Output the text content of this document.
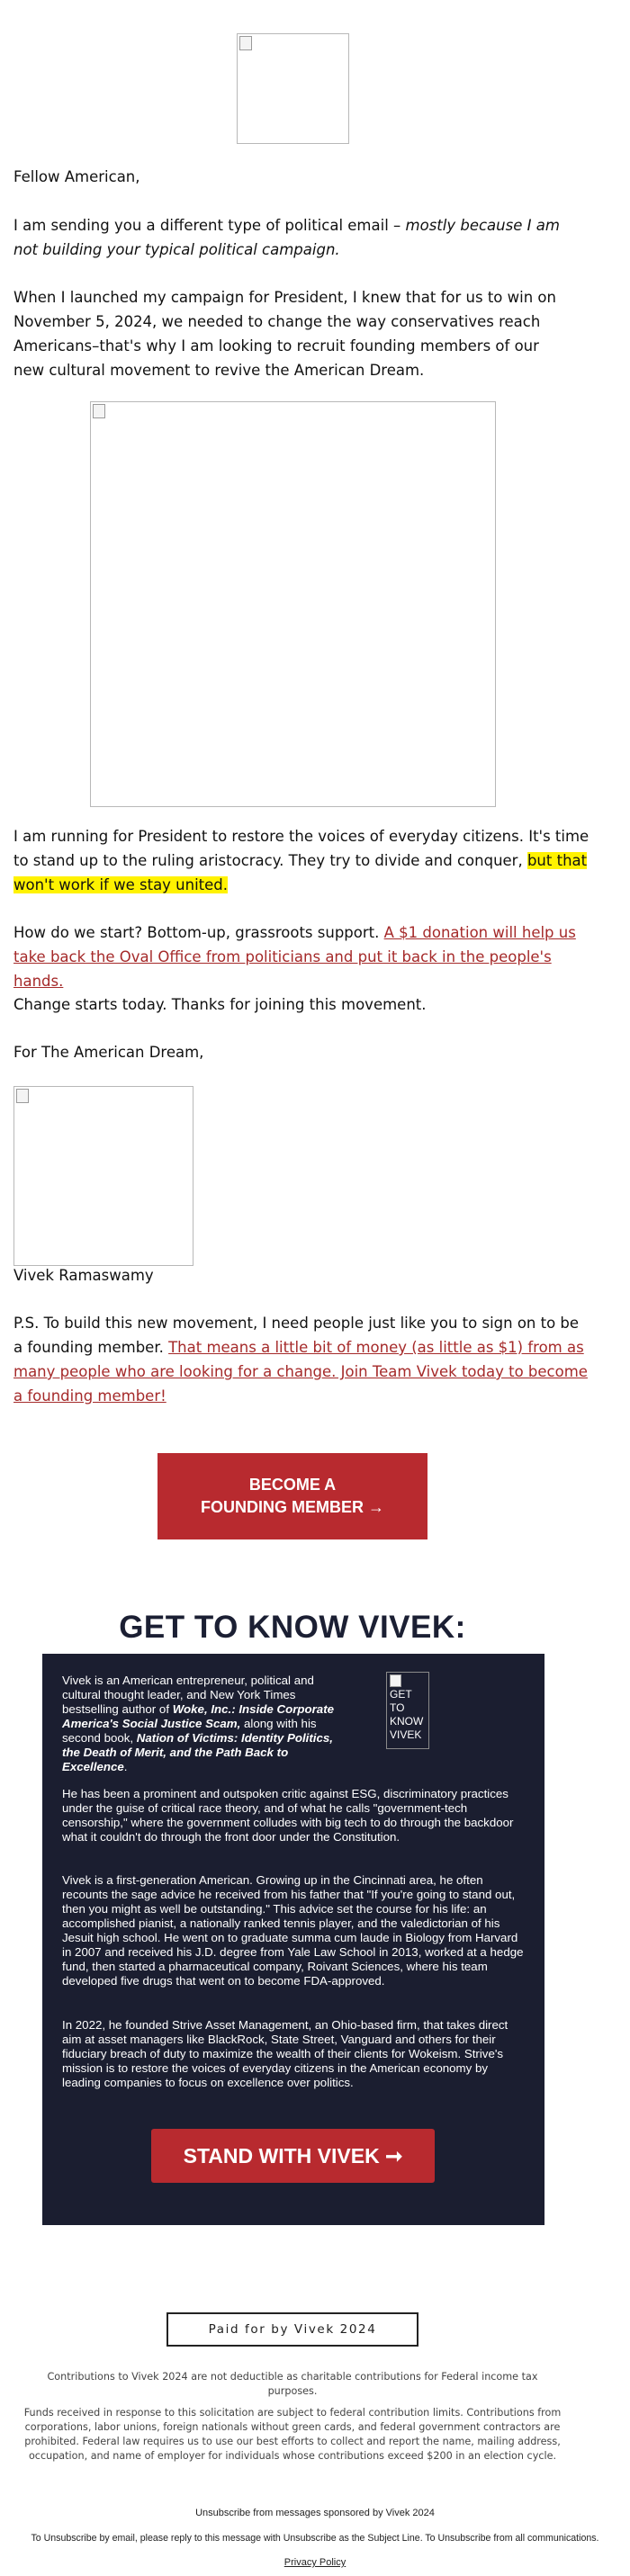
Fellow American,

I am sending you a different type of political email – mostly because I am not building your typical political campaign.

When I launched my campaign for President, I knew that for us to win on November 5, 2024, we needed to change the way conservatives reach Americans–that's why I am looking to recruit founding members of our new cultural movement to revive the American Dream.

I am running for President to restore the voices of everyday citizens. It's time to stand up to the ruling aristocracy. They try to divide and conquer, but that won't work if we stay united.

How do we start? Bottom-up, grassroots support. A $1 donation will help us take back the Oval Office from politicians and put it back in the people's hands.

Change starts today. Thanks for joining this movement.

For The American Dream,

Vivek Ramaswamy

P.S. To build this new movement, I need people just like you to sign on to be a founding member. That means a little bit of money (as little as $1) from as many people who are looking for a change. Join Team Vivek today to become a founding member!

BECOME A
FOUNDING MEMBER →
GET TO KNOW VIVEK:

Vivek is an American entrepreneur, political and cultural thought leader, and New York Times bestselling author of Woke, Inc.: Inside Corporate America's Social Justice Scam, along with his second book, Nation of Victims: Identity Politics, the Death of Merit, and the Path Back to Excellence.

GET TO KNOW VIVEK
He has been a prominent and outspoken critic against ESG, discriminatory practices under the guise of critical race theory, and of what he calls "government-tech censorship," where the government colludes with big tech to do through the backdoor what it couldn't do through the front door under the Constitution.
Vivek is a first-generation American. Growing up in the Cincinnati area, he often recounts the sage advice he received from his father that "If you're going to stand out, then you might as well be outstanding." This advice set the course for his life: an accomplished pianist, a nationally ranked tennis player, and the valedictorian of his Jesuit high school. He went on to graduate summa cum laude in Biology from Harvard in 2007 and received his J.D. degree from Yale Law School in 2013, worked at a hedge fund, then started a pharmaceutical company, Roivant Sciences, where his team developed five drugs that went on to become FDA-approved.
In 2022, he founded Strive Asset Management, an Ohio-based firm, that takes direct aim at asset managers like BlackRock, State Street, Vanguard and others for their fiduciary breach of duty to maximize the wealth of their clients for Wokeism. Strive's mission is to restore the voices of everyday citizens in the American economy by leading companies to focus on excellence over politics.
STAND WITH VIVEK ➞
Paid for by Vivek 2024
Contributions to Vivek 2024 are not deductible as charitable contributions for Federal income tax purposes.
Funds received in response to this solicitation are subject to federal contribution limits. Contributions from corporations, labor unions, foreign nationals without green cards, and federal government contractors are prohibited. Federal law requires us to use our best efforts to collect and report the name, mailing address, occupation, and name of employer for individuals whose contributions exceed $200 in an election cycle.
Unsubscribe from messages sponsored by Vivek 2024
To Unsubscribe by email, please reply to this message with Unsubscribe as the Subject Line. To Unsubscribe from all communications.
Privacy Policy
